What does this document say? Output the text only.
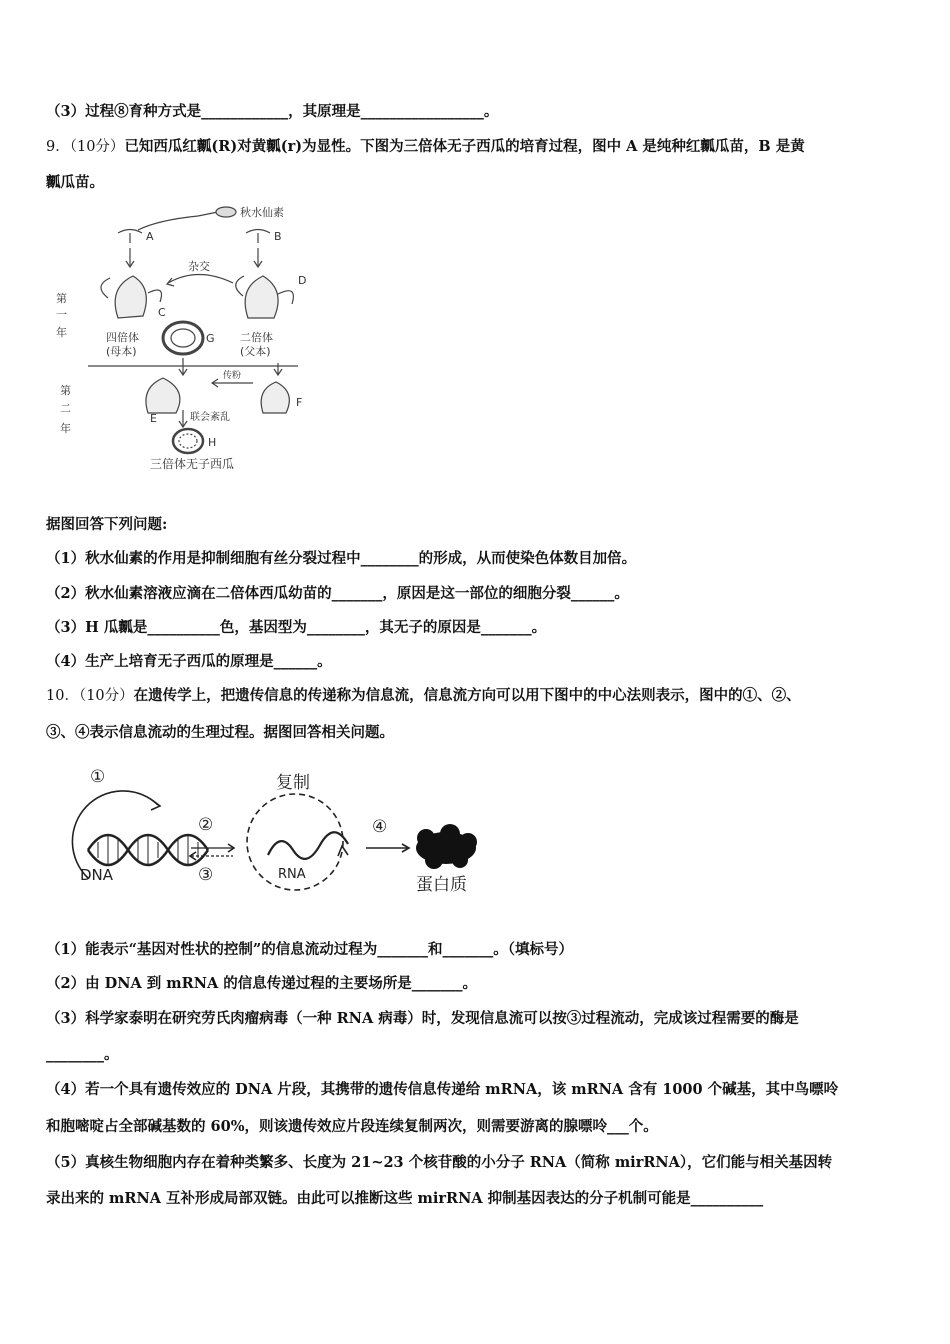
（3）过程⑧育种方式是____________，其原理是_________________。
9．（10分）已知西瓜红瓤(R)对黄瓤(r)为显性。下图为三倍体无子西瓜的培育过程，图中 A 是纯种红瓤瓜苗，B 是黄
瓤瓜苗。
秋水仙素
A	B
杂交
C
D
G
四倍体
(母本)
二倍体
(父本)
传粉
E
F
联会紊乱
H
三倍体无子西瓜
第
一
年
第
二
年
据图回答下列问题:
（1）秋水仙素的作用是抑制细胞有丝分裂过程中________的形成，从而使染色体数目加倍。
（2）秋水仙素溶液应滴在二倍体西瓜幼苗的_______，原因是这一部位的细胞分裂______。
（3）H 瓜瓤是__________色，基因型为________，其无子的原因是_______。
（4）生产上培育无子西瓜的原理是______。
10．（10分）在遗传学上，把遗传信息的传递称为信息流，信息流方向可以用下图中的中心法则表示，图中的①、②、
③、④表示信息流动的生理过程。据图回答相关问题。
①
②
③
④
复制
DNA	RNA
蛋白质
（1）能表示“基因对性状的控制”的信息流动过程为_______和_______。（填标号）
（2）由 DNA 到 mRNA 的信息传递过程的主要场所是_______。
（3）科学家泰明在研究劳氏肉瘤病毒（一种 RNA 病毒）时，发现信息流可以按③过程流动，完成该过程需要的酶是
________。
（4）若一个具有遗传效应的 DNA 片段，其携带的遗传信息传递给 mRNA，该 mRNA 含有 1000 个碱基，其中鸟嘌呤
和胞嘧啶占全部碱基数的 60%，则该遗传效应片段连续复制两次，则需要游离的腺嘌呤___个。
（5）真核生物细胞内存在着种类繁多、长度为 21~23 个核苷酸的小分子 RNA（简称 mirRNA），它们能与相关基因转
录出来的 mRNA 互补形成局部双链。由此可以推断这些 mirRNA 抑制基因表达的分子机制可能是__________
